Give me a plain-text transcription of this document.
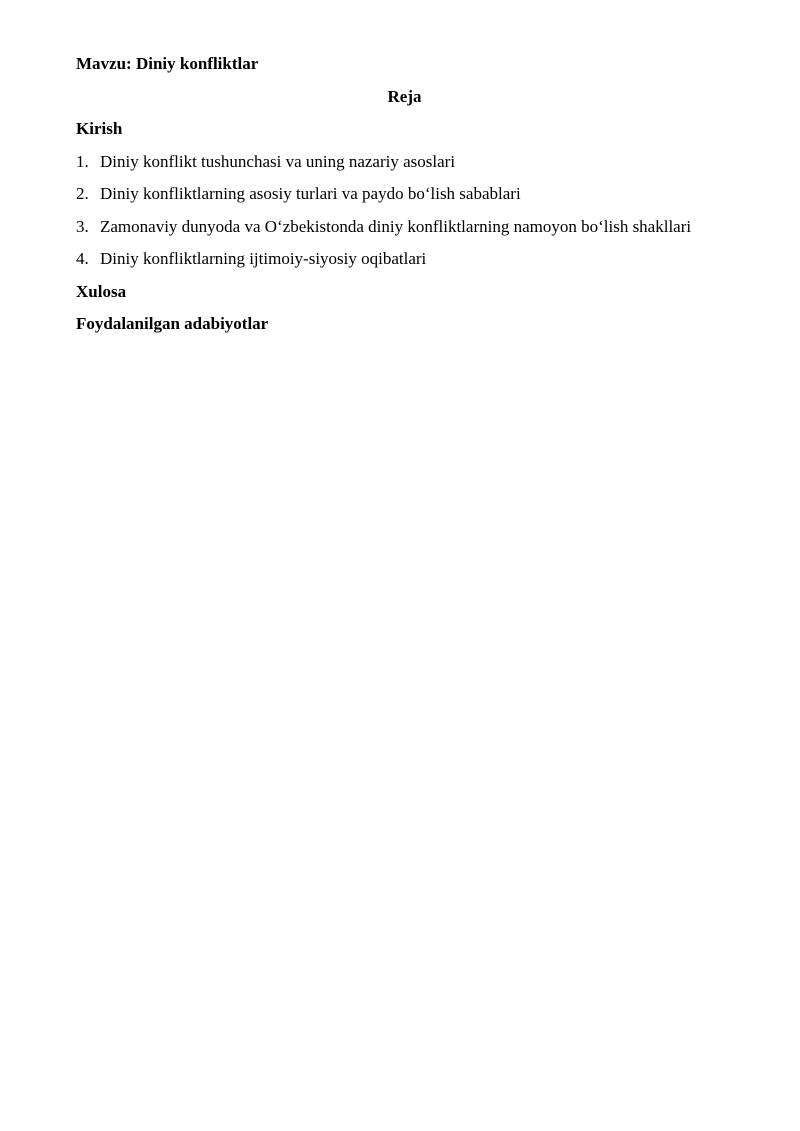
Mavzu: Diniy konfliktlar
Reja
Kirish
1. Diniy konflikt tushunchasi va uning nazariy asoslari
2. Diniy konfliktlarning asosiy turlari va paydo bo‘lish sabablari
3. Zamonaviy dunyoda va O‘zbekistonda diniy konfliktlarning namoyon bo‘lish shakllari
4. Diniy konfliktlarning ijtimoiy-siyosiy oqibatlari
Xulosa
Foydalanilgan adabiyotlar
